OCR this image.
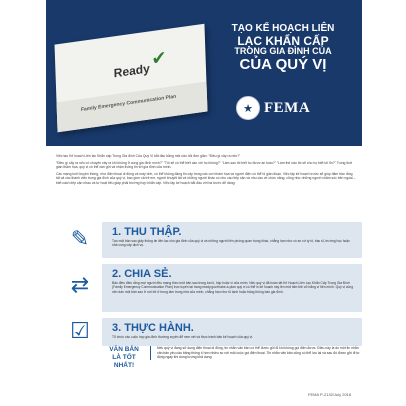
✔
Ready
Family Emergency Communication Plan
TẠO KẾ HOẠCH LIÊN
LẠC KHẨN CẤP
TRONG GIA ĐÌNH CỦA
CỦA QUÝ VỊ
★ FEMA

Việc tạo Kế hoạch Liên lạc Khẩn cấp Trong Gia đình Của Quý Vị bắt đầu bằng một câu hỏi đơn giản: "Điều gì xảy ra nếu?"

"Điều gì xảy ra nếu có chuyện xảy ra khi không ở cùng gia đình mình?" "Tôi sẽ có thể biết cần với họ không?" "Làm sao tôi biết họ được an toàn?" "Làm thế nào tôi sẽ cho họ biết tôi ổn?" Trong thời gian thảm họa, quý vị có thể cần gửi và nhận thông tin tới gia đình của mình.

Các mạng lưới truyền thông, như điện thoại di động và máy tính, có thể không đáng tin cậy trong các cơn thảm họa và người điện có thể bị gián đoạn. Việc lập kế hoạch trước sẽ giúp đảm bảo rằng tất cả các thành viên trong gia đình của quý vị, bao gồm cả trẻ em, người khuyết tật và những người khác có nhu cầu tiếp cận và nhu cầu về chức năng, cũng như những người chăm sóc bên ngoài – biết cách tiếp cận nhau và tự hoạt tiêu giáp phải trường hợp khẩn cấp. Việc lập kế hoạch bắt đầu với ba bước dễ dàng:

✎ 1. THU THẬP.
Tạo một bản sao giấy thông tin liên lạc cho gia đình của quý vị và những người liên phòng quan trọng khác, chẳng hạn như có se cứ ty tô, bác sĩ, trường học hoặc nhà cung cấp dịch vụ.
⇄ 2. CHIA SẺ.
Bảo điều điều rằng mọi người đều mang theo một bản sao trong ba lô, hộp hoặc ví của mình. Nếu quý vị đã hoàn tất Kế Hoạch Liên Lạc Khẩn Cấp Trong Gia Đình (Family Emergency Communication Plan) trực tuyến tại trang ready.gov/make-a-plan quý vị có thể in kế hoạch này lên một tấm thẻ cỡ bằng ví tiện mình. Quý vị cũng nên dán một bản sao ở nơi tốt ở trong làm trong nhà của mình, chẳng hạn như tủ lạnh hoặc bảng thông báo gia đình.
☑ 3. THỰC HÀNH.
Tổ chức các cuộc họp gia đình thường xuyên để xem xét và thực hành bản kế hoạch của quý vị.
VĂN BẢN LÀ TỐT NHẤT!
Nếu quý vị đang sử dụng điện thoại di động, tin nhắn văn bản có thể được gửi đi khi không gọi điện được. Điều này là do một tin nhắn văn bản yêu cầu băng thông ít hơn nhiều so với một cuộc gọi điện thoại. Tin nhắn văn bản cũng có thể lưu lại và sau đó được gửi đi tự động ngay khi dung lượng khả dụng.
FEMA P-2132/July 2018
